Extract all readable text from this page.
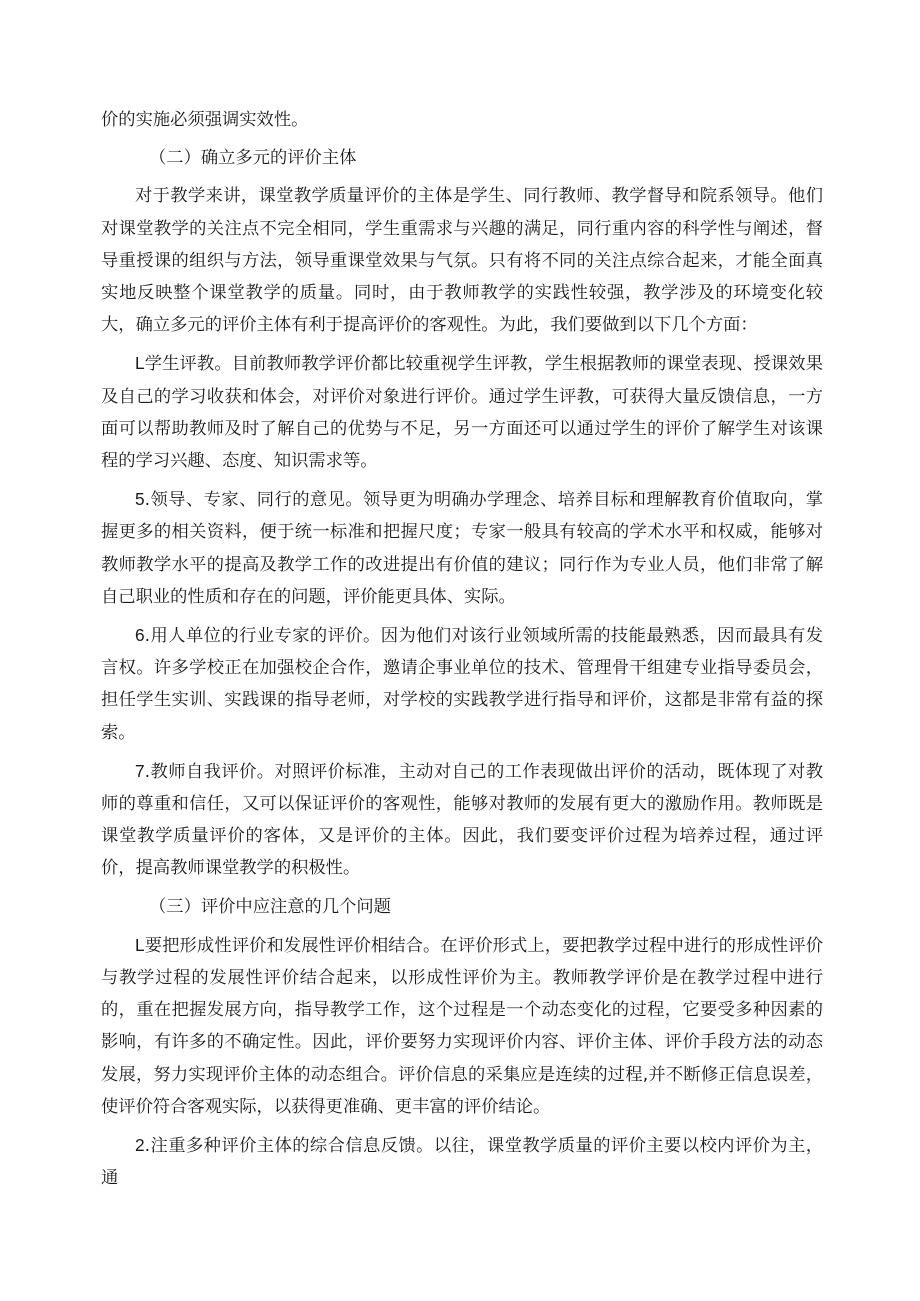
价的实施必须强调实效性。

（二）确立多元的评价主体

对于教学来讲，课堂教学质量评价的主体是学生、同行教师、教学督导和院系领导。他们对课堂教学的关注点不完全相同，学生重需求与兴趣的满足，同行重内容的科学性与阐述，督导重授课的组织与方法，领导重课堂效果与气氛。只有将不同的关注点综合起来，才能全面真实地反映整个课堂教学的质量。同时，由于教师教学的实践性较强，教学涉及的环境变化较大，确立多元的评价主体有利于提高评价的客观性。为此，我们要做到以下几个方面：

L学生评教。目前教师教学评价都比较重视学生评教，学生根据教师的课堂表现、授课效果及自己的学习收获和体会，对评价对象进行评价。通过学生评教，可获得大量反馈信息，一方面可以帮助教师及时了解自己的优势与不足，另一方面还可以通过学生的评价了解学生对该课程的学习兴趣、态度、知识需求等。

5.领导、专家、同行的意见。领导更为明确办学理念、培养目标和理解教育价值取向，掌握更多的相关资料，便于统一标准和把握尺度；专家一般具有较高的学术水平和权威，能够对教师教学水平的提高及教学工作的改进提出有价值的建议；同行作为专业人员，他们非常了解自己职业的性质和存在的问题，评价能更具体、实际。

6.用人单位的行业专家的评价。因为他们对该行业领域所需的技能最熟悉，因而最具有发言权。许多学校正在加强校企合作，邀请企事业单位的技术、管理骨干组建专业指导委员会，担任学生实训、实践课的指导老师，对学校的实践教学进行指导和评价，这都是非常有益的探索。

7.教师自我评价。对照评价标准，主动对自己的工作表现做出评价的活动，既体现了对教师的尊重和信任，又可以保证评价的客观性，能够对教师的发展有更大的激励作用。教师既是课堂教学质量评价的客体，又是评价的主体。因此，我们要变评价过程为培养过程，通过评价，提高教师课堂教学的积极性。

（三）评价中应注意的几个问题

L要把形成性评价和发展性评价相结合。在评价形式上，要把教学过程中进行的形成性评价与教学过程的发展性评价结合起来，以形成性评价为主。教师教学评价是在教学过程中进行的，重在把握发展方向，指导教学工作，这个过程是一个动态变化的过程，它要受多种因素的影响，有许多的不确定性。因此，评价要努力实现评价内容、评价主体、评价手段方法的动态发展，努力实现评价主体的动态组合。评价信息的采集应是连续的过程,并不断修正信息误差，使评价符合客观实际，以获得更准确、更丰富的评价结论。

2.注重多种评价主体的综合信息反馈。以往，课堂教学质量的评价主要以校内评价为主，通
